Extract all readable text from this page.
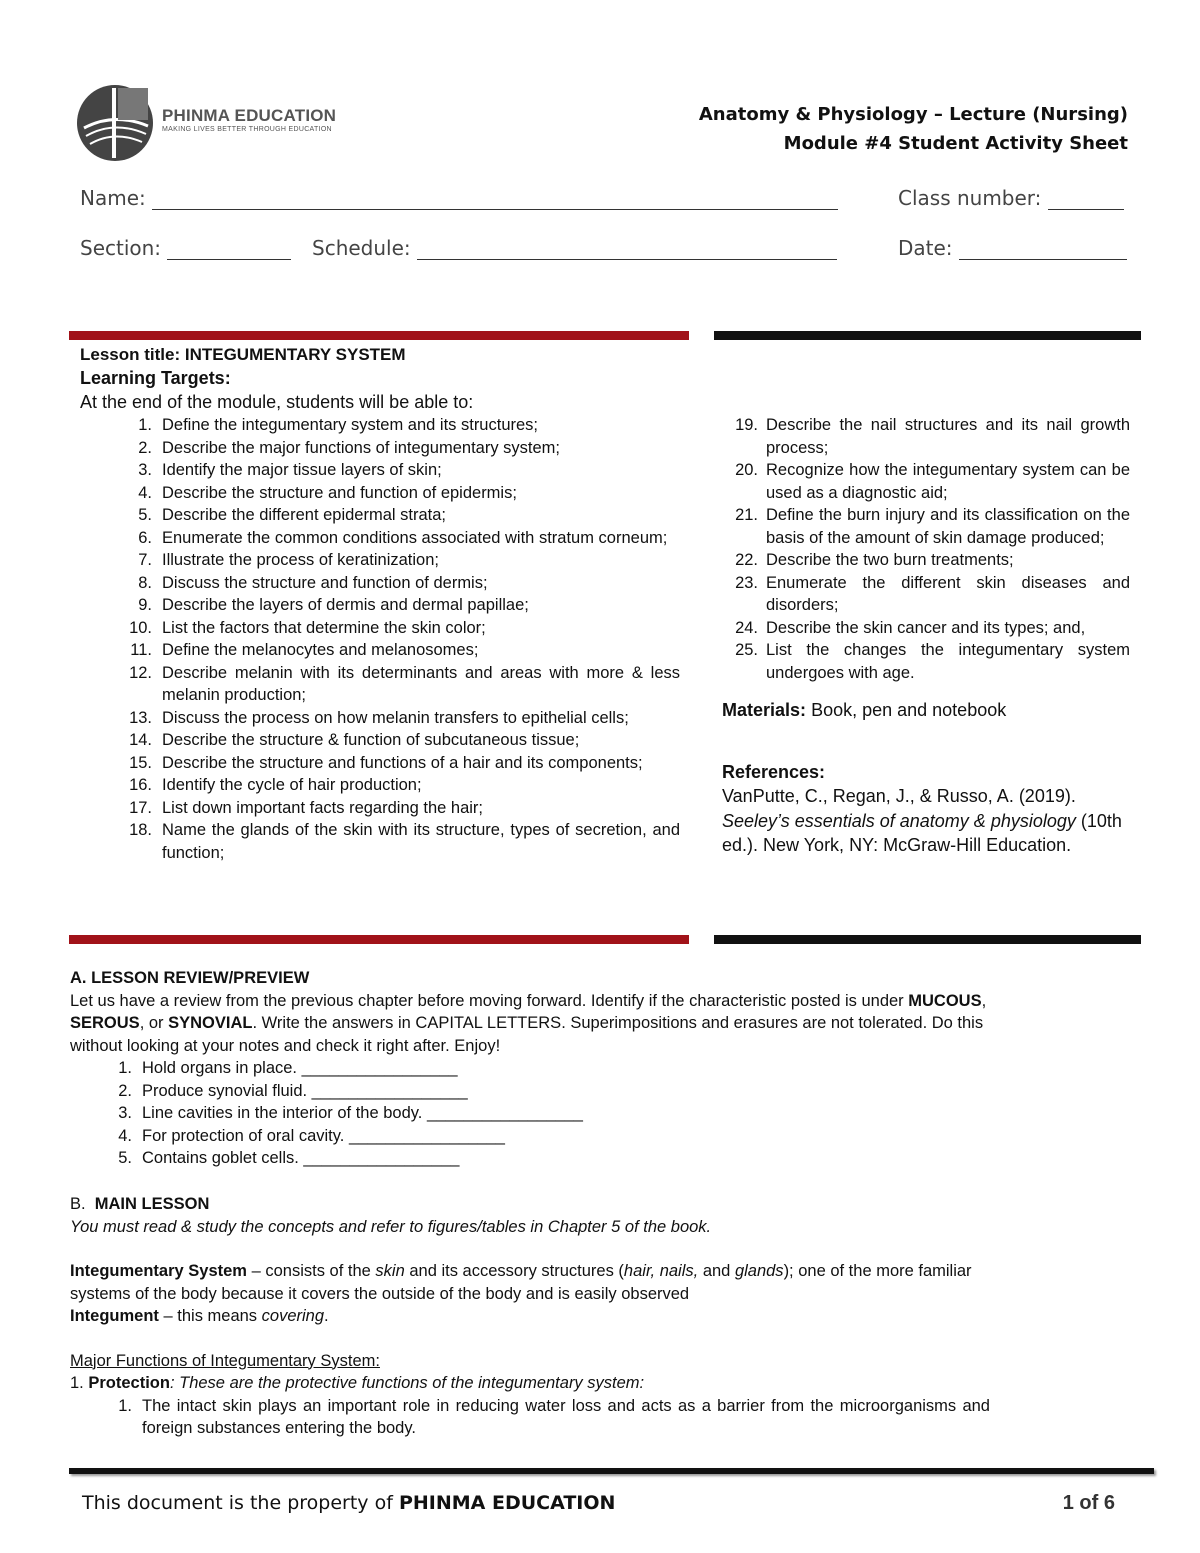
PHINMA EDUCATION
MAKING LIVES BETTER THROUGH EDUCATION
Anatomy & Physiology – Lecture (Nursing)
Module #4 Student Activity Sheet
Name:	Class number:
Section:	Schedule:	Date:
Lesson title: INTEGUMENTARY SYSTEM
Learning Targets:
At the end of the module, students will be able to:
1. Define the integumentary system and its structures;
2. Describe the major functions of integumentary system;
3. Identify the major tissue layers of skin;
4. Describe the structure and function of epidermis;
5. Describe the different epidermal strata;
6. Enumerate the common conditions associated with stratum corneum;
7. Illustrate the process of keratinization;
8. Discuss the structure and function of dermis;
9. Describe the layers of dermis and dermal papillae;
10. List the factors that determine the skin color;
11. Define the melanocytes and melanosomes;
12. Describe melanin with its determinants and areas with more & less melanin production;
13. Discuss the process on how melanin transfers to epithelial cells;
14. Describe the structure & function of subcutaneous tissue;
15. Describe the structure and functions of a hair and its components;
16. Identify the cycle of hair production;
17. List down important facts regarding the hair;
18. Name the glands of the skin with its structure, types of secretion, and function;
19. Describe the nail structures and its nail growth process;
20. Recognize how the integumentary system can be used as a diagnostic aid;
21. Define the burn injury and its classification on the basis of the amount of skin damage produced;
22. Describe the two burn treatments;
23. Enumerate the different skin diseases and disorders;
24. Describe the skin cancer and its types; and,
25. List the changes the integumentary system undergoes with age.
Materials: Book, pen and notebook
References:
VanPutte, C., Regan, J., & Russo, A. (2019). Seeley’s essentials of anatomy & physiology (10th ed.). New York, NY: McGraw-Hill Education.
A. LESSON REVIEW/PREVIEW
Let us have a review from the previous chapter before moving forward. Identify if the characteristic posted is under MUCOUS, SEROUS, or SYNOVIAL. Write the answers in CAPITAL LETTERS. Superimpositions and erasures are not tolerated. Do this without looking at your notes and check it right after. Enjoy!
1. Hold organs in place. _________________
2. Produce synovial fluid. _________________
3. Line cavities in the interior of the body. _________________
4. For protection of oral cavity. _________________
5. Contains goblet cells. _________________
B. MAIN LESSON
You must read & study the concepts and refer to figures/tables in Chapter 5 of the book.
Integumentary System – consists of the skin and its accessory structures (hair, nails, and glands); one of the more familiar systems of the body because it covers the outside of the body and is easily observed
Integument – this means covering.
Major Functions of Integumentary System:
1. Protection: These are the protective functions of the integumentary system:
1. The intact skin plays an important role in reducing water loss and acts as a barrier from the microorganisms and foreign substances entering the body.
This document is the property of PHINMA EDUCATION	1 of 6
